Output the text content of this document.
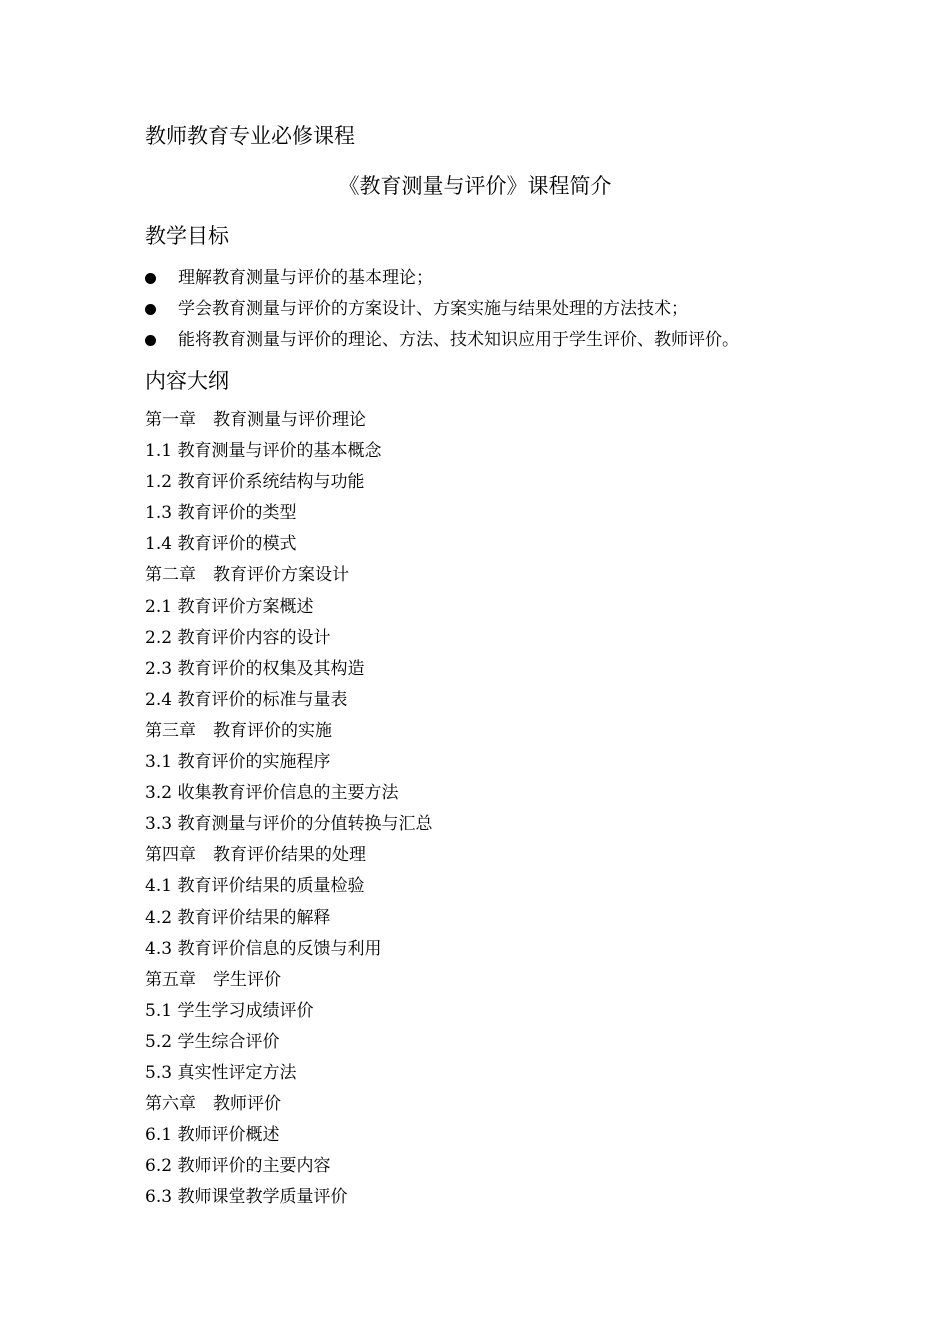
教师教育专业必修课程
《教育测量与评价》课程简介
教学目标
理解教育测量与评价的基本理论；
学会教育测量与评价的方案设计、方案实施与结果处理的方法技术；
能将教育测量与评价的理论、方法、技术知识应用于学生评价、教师评价。
内容大纲
第一章　教育测量与评价理论
1.1 教育测量与评价的基本概念
1.2 教育评价系统结构与功能
1.3 教育评价的类型
1.4 教育评价的模式
第二章　教育评价方案设计
2.1 教育评价方案概述
2.2 教育评价内容的设计
2.3 教育评价的权集及其构造
2.4 教育评价的标准与量表
第三章　教育评价的实施
3.1 教育评价的实施程序
3.2 收集教育评价信息的主要方法
3.3 教育测量与评价的分值转换与汇总
第四章　教育评价结果的处理
4.1 教育评价结果的质量检验
4.2 教育评价结果的解释
4.3 教育评价信息的反馈与利用
第五章　学生评价
5.1 学生学习成绩评价
5.2 学生综合评价
5.3 真实性评定方法
第六章　教师评价
6.1 教师评价概述
6.2 教师评价的主要内容
6.3 教师课堂教学质量评价
